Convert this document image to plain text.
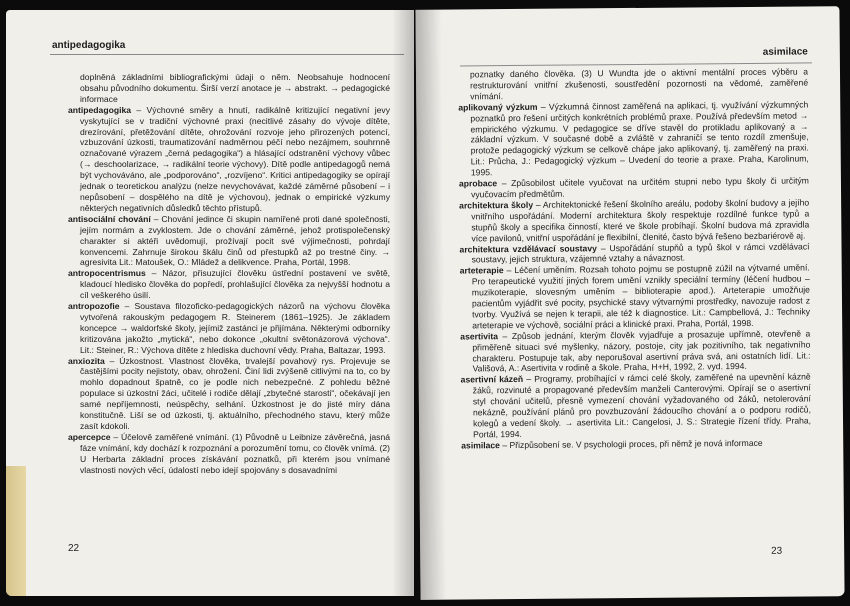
antipedagogika

doplněná základními bibliografickými údaji o něm. Neobsahuje hodnocení obsahu původního dokumentu. Širší verzí anotace je → abstrakt. → pedagogické informace

antipedagogika – Výchovné směry a hnutí, radikálně kritizující negativní jevy vyskytující se v tradiční výchovné praxi (necitlivé zásahy do vývoje dítěte, drezírování, přetěžování dítěte, ohrožování rozvoje jeho přirozených potencí, vzbuzování úzkosti, traumatizování nadměrnou péčí nebo nezájmem, souhrnně označované výrazem „černá pedagogika“) a hlásající odstranění výchovy vůbec (→ deschoolarizace, → radikální teorie výchovy). Dítě podle antipedagogů nemá být vychováváno, ale „podporováno“, „rozvíjeno“. Kritici antipedagogiky se opírají jednak o teoretickou analýzu (nelze nevychovávat, každé záměrné působení – i nepůsobení – dospělého na dítě je výchovou), jednak o empirické výzkumy některých negativních důsledků těchto přístupů.

antisociální chování – Chování jedince či skupin namířené proti dané společnosti, jejím normám a zvyklostem. Jde o chování záměrné, jehož protispolečenský charakter si aktéři uvědomují, prožívají pocit své výjimečnosti, pohrdají konvencemi. Zahrnuje širokou škálu činů od přestupků až po trestné činy. → agresivita Lit.: Matoušek, O.: Mládež a delikvence. Praha, Portál, 1998.

antropocentrismus – Názor, přisuzující člověku ústřední postavení ve světě, kladoucí hledisko člověka do popředí, prohlašující člověka za nejvyšší hodnotu a cíl veškerého úsilí.

antropozofie – Soustava filozoficko-pedagogických názorů na výchovu člověka vytvořená rakouským pedagogem R. Steinerem (1861–1925). Je základem koncepce → waldorfské školy, jejímiž zastánci je přijímána. Některými odborníky kritizována jakožto „mytická“, nebo dokonce „okultní světonázorová výchova“. Lit.: Steiner, R.: Výchova dítěte z hlediska duchovní vědy. Praha, Baltazar, 1993.

anxiozita – Úzkostnost. Vlastnost člověka, trvalejší povahový rys. Projevuje se častějšími pocity nejistoty, obav, ohrožení. Činí lidi zvýšeně citlivými na to, co by mohlo dopadnout špatně, co je podle nich nebezpečné. Z pohledu běžné populace si úzkostní žáci, učitelé i rodiče dělají „zbytečné starosti“, očekávají jen samé nepříjemnosti, neúspěchy, selhání. Úzkostnost je do jisté míry dána konstitučně. Liší se od úzkosti, tj. aktuálního, přechodného stavu, který může zasít kdokoli.

apercepce – Účelově zaměřené vnímání. (1) Původně u Leibnize závěrečná, jasná fáze vnímání, kdy dochází k rozpoznání a porozumění tomu, co člověk vnímá. (2) U Herbarta základní proces získávání poznatků, při kterém jsou vnímané vlastnosti nových věcí, údalostí nebo idejí spojovány s dosavadními

22
asimilace

poznatky daného člověka. (3) U Wundta jde o aktivní mentální proces výběru a restrukturování vnitřní zkušenosti, soustředění pozornosti na vědomé, zaměřené vnímání.

aplikovaný výzkum – Výzkumná činnost zaměřená na aplikaci, tj. využívání výzkumných poznatků pro řešení určitých konkrétních problémů praxe. Používá především metod → empirického výzkumu. V pedagogice se dříve stavěl do protikladu aplikovaný a → základní výzkum. V současné době a zvláště v zahraničí se tento rozdíl zmenšuje, protože pedagogický výzkum se celkově chápe jako aplikovaný, tj. zaměřený na praxi. Lit.: Průcha, J.: Pedagogický výzkum – Uvedení do teorie a praxe. Praha, Karolinum, 1995.

aprobace – Způsobilost učitele vyučovat na určitém stupni nebo typu školy či určitým vyučovacím předmětům.

architektura školy – Architektonické řešení školního areálu, podoby školní budovy a jejího vnitřního uspořádání. Moderní architektura školy respektuje rozdílné funkce typů a stupňů školy a specifika činností, které ve škole probíhají. Školní budova má zpravidla více pavilonů, vnitřní uspořádání je flexibilní, členité, často bývá řešeno bezbariérově aj.

architektura vzdělávací soustavy – Uspořádání stupňů a typů škol v rámci vzdělávací soustavy, jejich struktura, vzájemné vztahy a návaznost.

arteterapie – Léčení uměním. Rozsah tohoto pojmu se postupně zúžil na výtvarné umění. Pro terapeutické využití jiných forem umění vznikly speciální termíny (léčení hudbou – muzikoterapie, slovesným uměním – biblioterapie apod.). Arteterapie umožňuje pacientům vyjádřit své pocity, psychické stavy výtvarnými prostředky, navozuje radost z tvorby. Využívá se nejen k terapii, ale též k diagnostice. Lit.: Campbellová, J.: Techniky arteterapie ve výchově, sociální práci a klinické praxi. Praha, Portál, 1998.

asertivita – Způsob jednání, kterým člověk vyjadřuje a prosazuje upřímně, otevřeně a přiměřeně situaci své myšlenky, názory, postoje, city jak pozitivního, tak negativního charakteru. Postupuje tak, aby neporušoval asertivní práva svá, ani ostatních lidí. Lit.: Vališová, A.: Asertivita v rodině a škole. Praha, H+H, 1992, 2. vyd. 1994.

asertivní kázeň – Programy, probíhající v rámci celé školy, zaměřené na upevnění kázně žáků, rozvinuté a propagované především manželi Canterovými. Opírají se o asertivní styl chování učitelů, přesně vymezení chování vyžadovaného od žáků, netolerování nekázně, používání plánů pro povzbuzování žádoucího chování a o podporu rodičů, kolegů a vedení školy. → asertivita Lit.: Cangelosi, J. S.: Strategie řízení třídy. Praha, Portál, 1994.

asimilace – Přizpůsobení se. V psychologii proces, při němž je nová informace

23
